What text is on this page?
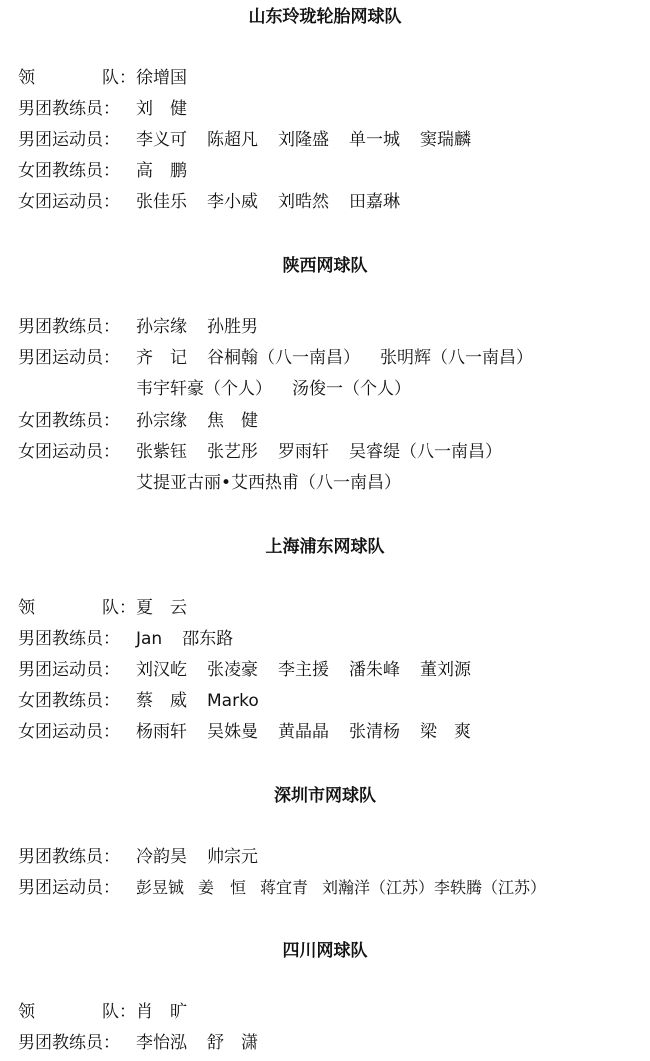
山东玲珑轮胎网球队
领	队： 徐增国
男团教练员： 刘　健
男团运动员： 李义可 陈超凡 刘隆盛 单一城 窦瑞麟
女团教练员： 高　鹏
女团运动员： 张佳乐 李小威 刘晧然 田嘉琳
陕西网球队
男团教练员： 孙宗缘 孙胜男
男团运动员： 齐　记 谷桐翰（八一南昌） 张明辉（八一南昌）
韦宇轩豪（个人） 汤俊一（个人）
女团教练员： 孙宗缘 焦　健
女团运动员： 张紫钰 张艺彤 罗雨轩 吴睿缇（八一南昌）
艾提亚古丽•艾西热甫（八一南昌）
上海浦东网球队
领	队： 夏　云
男团教练员： Jan 邵东路
男团运动员： 刘汉屹 张凌豪 李主援 潘朱峰 董刘源
女团教练员： 蔡　威 Marko
女团运动员： 杨雨轩 吴姝曼 黄晶晶 张清杨 梁　爽
深圳市网球队
男团教练员： 冷韵昊 帅宗元
男团运动员：	彭昱铖 姜　恒 蒋宜青 刘瀚洋（江苏）李轶腾（江苏）
四川网球队
领	队： 肖　旷
男团教练员： 李怡泓 舒　潇
